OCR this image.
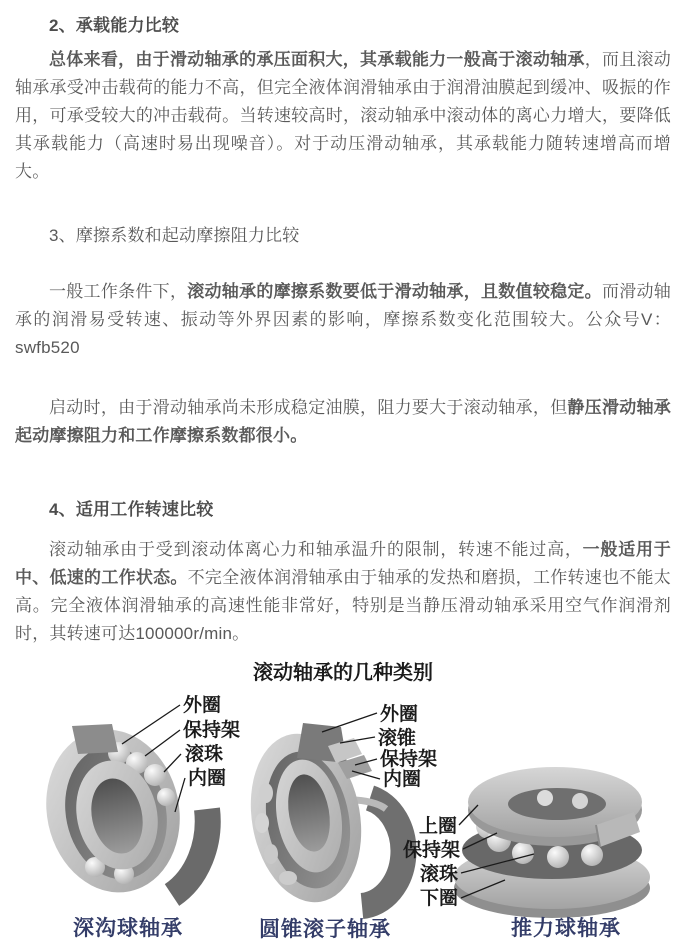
2、承载能力比较
总体来看，由于滑动轴承的承压面积大，其承载能力一般高于滚动轴承，而且滚动轴承承受冲击载荷的能力不高，但完全液体润滑轴承由于润滑油膜起到缓冲、吸振的作用，可承受较大的冲击载荷。当转速较高时，滚动轴承中滚动体的离心力增大，要降低其承载能力（高速时易出现噪音）。对于动压滑动轴承，其承载能力随转速增高而增大。
3、摩擦系数和起动摩擦阻力比较
一般工作条件下，滚动轴承的摩擦系数要低于滑动轴承，且数值较稳定。而滑动轴承的润滑易受转速、振动等外界因素的影响，摩擦系数变化范围较大。公众号V：swfb520
启动时，由于滑动轴承尚未形成稳定油膜，阻力要大于滚动轴承，但静压滑动轴承起动摩擦阻力和工作摩擦系数都很小。
4、适用工作转速比较
滚动轴承由于受到滚动体离心力和轴承温升的限制，转速不能过高，一般适用于中、低速的工作状态。不完全液体润滑轴承由于轴承的发热和磨损，工作转速也不能太高。完全液体润滑轴承的高速性能非常好，特别是当静压滑动轴承采用空气作润滑剂时，其转速可达100000r/min。
滚动轴承的几种类别
外圈
保持架
滚珠
内圈
外圈
滚锥
保持架
内圈
上圈
保持架
滚珠
下圈
深沟球轴承	圆锥滚子轴承	推力球轴承
